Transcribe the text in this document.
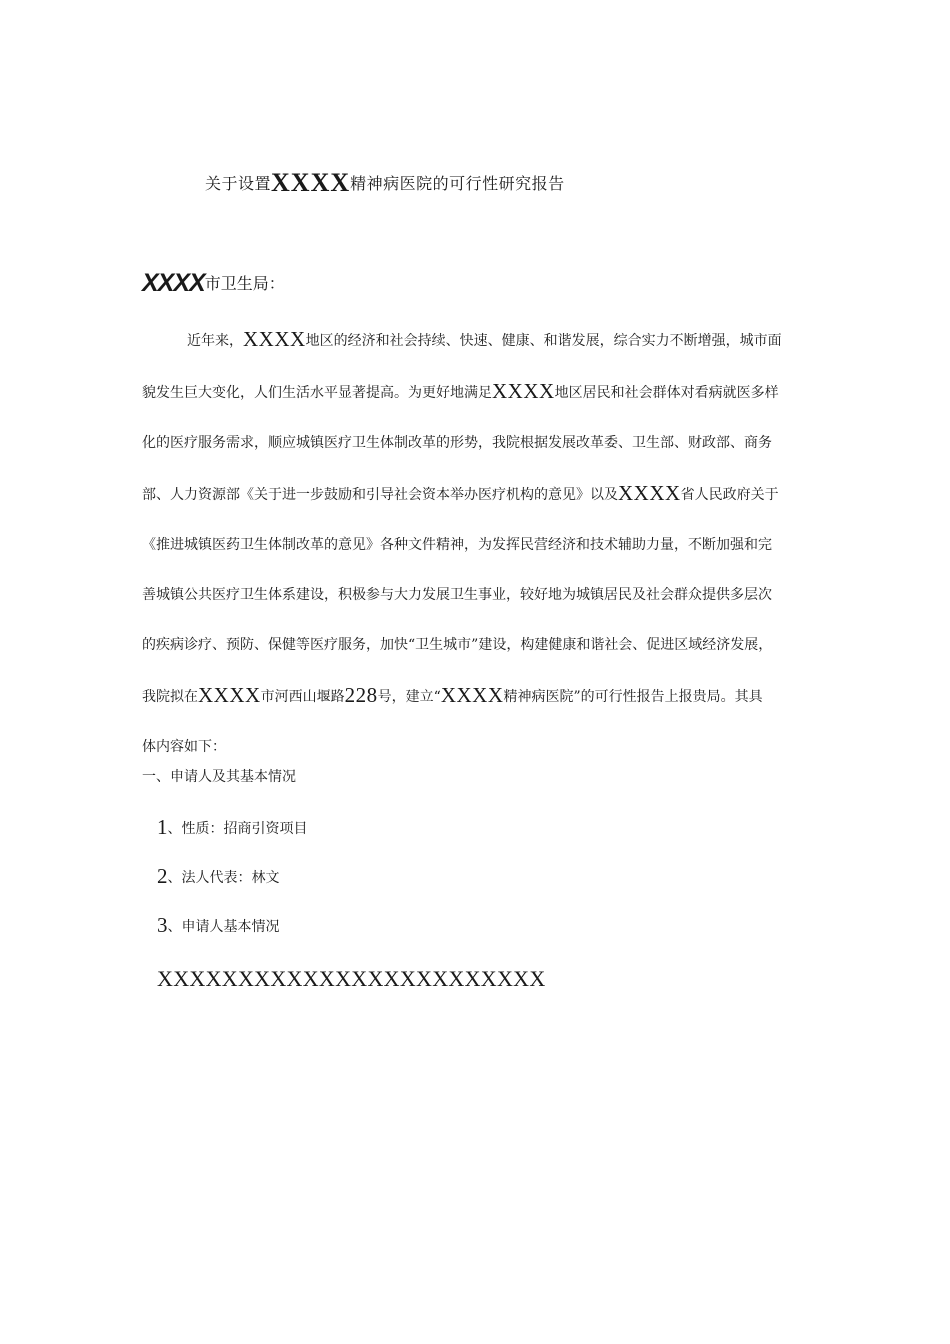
关于设置XXXX精神病医院的可行性研究报告
XXXX市卫生局：
近年来，XXXX地区的经济和社会持续、快速、健康、和谐发展，综合实力不断增强，城市面
貌发生巨大变化，人们生活水平显著提高。为更好地满足XXXX地区居民和社会群体对看病就医多样
化的医疗服务需求，顺应城镇医疗卫生体制改革的形势，我院根据发展改革委、卫生部、财政部、商务
部、人力资源部《关于进一步鼓励和引导社会资本举办医疗机构的意见》以及XXXX省人民政府关于
《推进城镇医药卫生体制改革的意见》各种文件精神，为发挥民营经济和技术辅助力量，不断加强和完
善城镇公共医疗卫生体系建设，积极参与大力发展卫生事业，较好地为城镇居民及社会群众提供多层次
的疾病诊疗、预防、保健等医疗服务，加快“卫生城市”建设，构建健康和谐社会、促进区域经济发展，
我院拟在XXXX市河西山堰路228号，建立“XXXX精神病医院”的可行性报告上报贵局。其具
体内容如下：
一、申请人及其基本情况
1、性质：招商引资项目
2、法人代表：林文
3、申请人基本情况
XXXXXXXXXXXXXXXXXXXXXXXX
